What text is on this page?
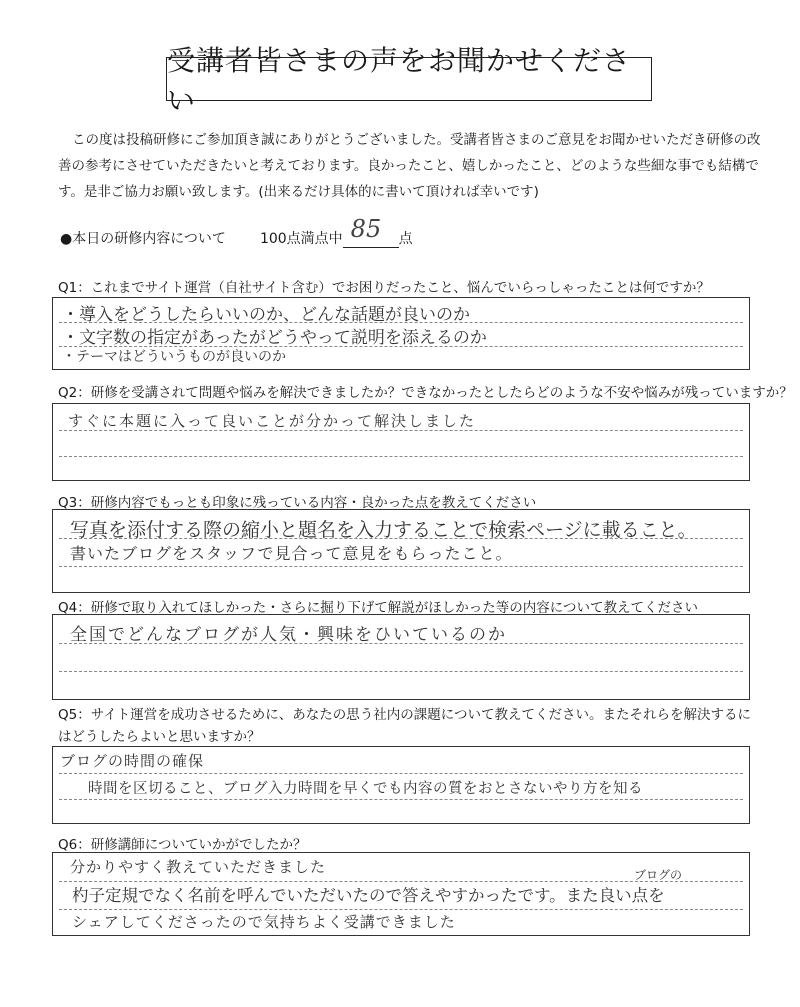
受講者皆さまの声をお聞かせください
この度は投稿研修にご参加頂き誠にありがとうございました。受講者皆さまのご意見をお聞かせいただき研修の改善の参考にさせていただきたいと考えております。良かったこと、嬉しかったこと、どのような些細な事でも結構です。是非ご協力お願い致します。(出来るだけ具体的に書いて頂ければ幸いです)
●本日の研修内容について 100点満点中 85 点
Q1：これまでサイト運営（自社サイト含む）でお困りだったこと、悩んでいらっしゃったことは何ですか？
・導入をどうしたらいいのか、どんな話題が良いのか
・文字数の指定があったがどうやって説明を添えるのか
・テーマはどういうものが良いのか
Q2：研修を受講されて問題や悩みを解決できましたか？できなかったとしたらどのような不安や悩みが残っていますか？
すぐに本題に入って良いことが分かって解決しました
Q3：研修内容でもっとも印象に残っている内容・良かった点を教えてください
写真を添付する際の縮小と題名を入力することで検索ページに載ること。
書いたブログをスタッフで見合って意見をもらったこと。
Q4：研修で取り入れてほしかった・さらに掘り下げて解説がほしかった等の内容について教えてください
全国でどんなブログが人気・興味をひいているのか
Q5：サイト運営を成功させるために、あなたの思う社内の課題について教えてください。またそれらを解決するにはどうしたらよいと思いますか？
ブログの時間の確保
時間を区切ること、ブログ入力時間を早くでも内容の質をおとさないやり方を知る
Q6：研修講師についていかがでしたか？
分かりやすく教えていただきました	ブログの
杓子定規でなく名前を呼んでいただいたので答えやすかったです。また良い点を
シェアしてくださったので気持ちよく受講できました
